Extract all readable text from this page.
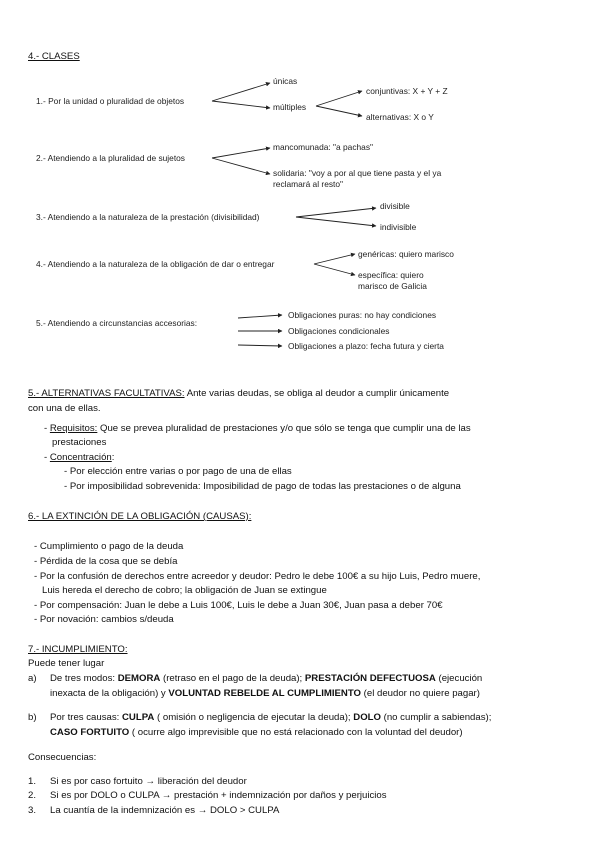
4.- CLASES
1.- Por la unidad o pluralidad de objetos
únicas
múltiples
conjuntivas: X + Y + Z
alternativas: X o Y
2.- Atendiendo a la pluralidad de sujetos
mancomunada: "a pachas"
solidaria: "voy a por al que tiene pasta y el ya
reclamará al resto"
3.- Atendiendo a la naturaleza de la prestación (divisibilidad)
divisible
indivisible
4.- Atendiendo a la naturaleza de la obligación de dar o entregar
genéricas: quiero marisco
específica: quiero
marisco de Galicia
5.- Atendiendo a circunstancias accesorias:
Obligaciones puras: no hay condiciones
Obligaciones condicionales
Obligaciones a plazo: fecha futura y cierta
5.- ALTERNATIVAS FACULTATIVAS: Ante varias deudas, se obliga al deudor a cumplir únicamente
con una de ellas.
- Requisitos: Que se prevea pluralidad de prestaciones y/o que sólo se tenga que cumplir una de las
prestaciones
- Concentración:
- Por elección entre varias o por pago de una de ellas
- Por imposibilidad sobrevenida: Imposibilidad de pago de todas las prestaciones o de alguna
6.- LA EXTINCIÓN DE LA OBLIGACIÓN (CAUSAS):
- Cumplimiento o pago de la deuda
- Pérdida de la cosa que se debía
- Por la confusión de derechos entre acreedor y deudor: Pedro le debe 100€ a su hijo Luis, Pedro muere,
Luis hereda el derecho de cobro; la obligación de Juan se extingue
- Por compensación: Juan le debe a Luis 100€, Luis le debe a Juan 30€, Juan pasa a deber 70€
- Por novación: cambios s/deuda
7.- INCUMPLIMIENTO:
Puede tener lugar
a) De tres modos: DEMORA (retraso en el pago de la deuda); PRESTACIÓN DEFECTUOSA (ejecución
inexacta de la obligación) y VOLUNTAD REBELDE AL CUMPLIMIENTO (el deudor no quiere pagar)
b) Por tres causas: CULPA ( omisión o negligencia de ejecutar la deuda); DOLO (no cumplir a sabiendas);
CASO FORTUITO ( ocurre algo imprevisible que no está relacionado con la voluntad del deudor)
Consecuencias:
1. Si es por caso fortuito → liberación del deudor
2. Si es por DOLO o CULPA → prestación + indemnización por daños y perjuicios
3. La cuantía de la indemnización es → DOLO > CULPA
